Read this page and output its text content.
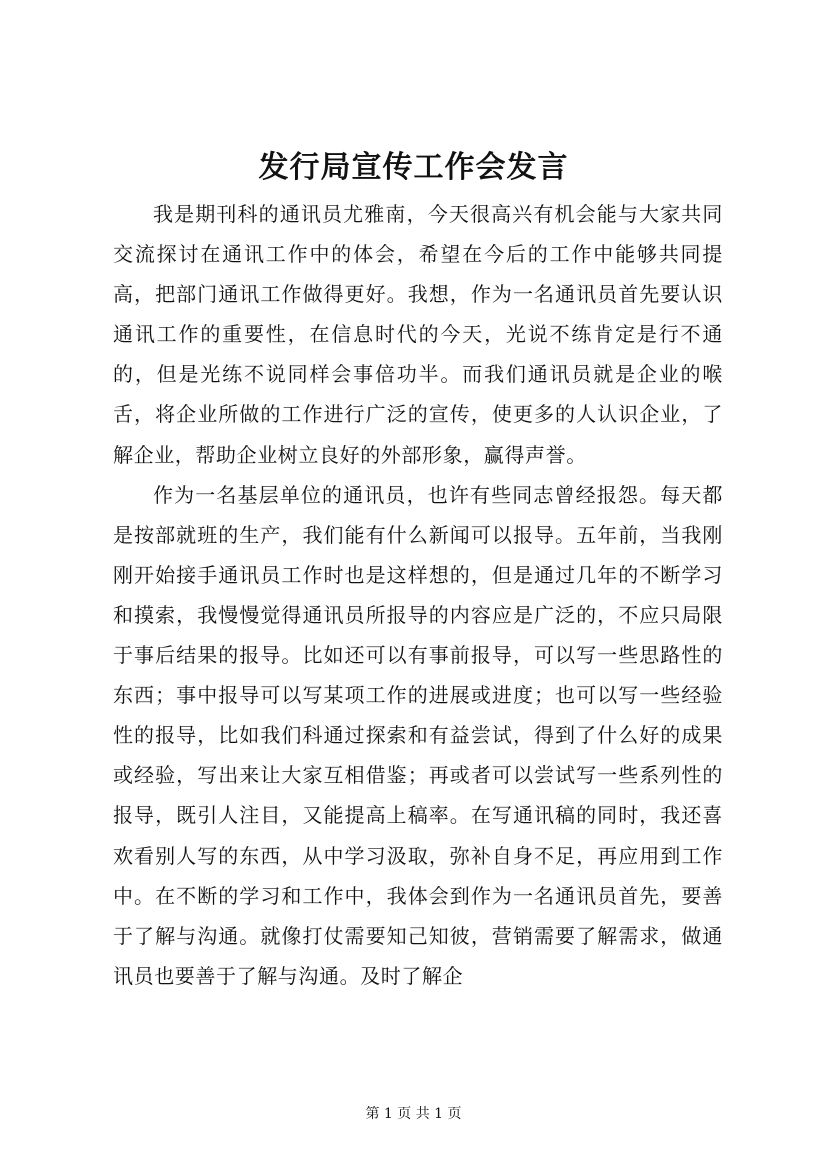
发行局宣传工作会发言

我是期刊科的通讯员尤雅南，今天很高兴有机会能与大家共同交流探讨在通讯工作中的体会，希望在今后的工作中能够共同提高，把部门通讯工作做得更好。我想，作为一名通讯员首先要认识通讯工作的重要性，在信息时代的今天，光说不练肯定是行不通的，但是光练不说同样会事倍功半。而我们通讯员就是企业的喉舌，将企业所做的工作进行广泛的宣传，使更多的人认识企业，了解企业，帮助企业树立良好的外部形象，赢得声誉。

作为一名基层单位的通讯员，也许有些同志曾经报怨。每天都是按部就班的生产，我们能有什么新闻可以报导。五年前，当我刚刚开始接手通讯员工作时也是这样想的，但是通过几年的不断学习和摸索，我慢慢觉得通讯员所报导的内容应是广泛的，不应只局限于事后结果的报导。比如还可以有事前报导，可以写一些思路性的东西；事中报导可以写某项工作的进展或进度；也可以写一些经验性的报导，比如我们科通过探索和有益尝试，得到了什么好的成果或经验，写出来让大家互相借鉴；再或者可以尝试写一些系列性的报导，既引人注目，又能提高上稿率。在写通讯稿的同时，我还喜欢看别人写的东西，从中学习汲取，弥补自身不足，再应用到工作中。在不断的学习和工作中，我体会到作为一名通讯员首先，要善于了解与沟通。就像打仗需要知己知彼，营销需要了解需求，做通讯员也要善于了解与沟通。及时了解企

第 1 页 共 1 页
